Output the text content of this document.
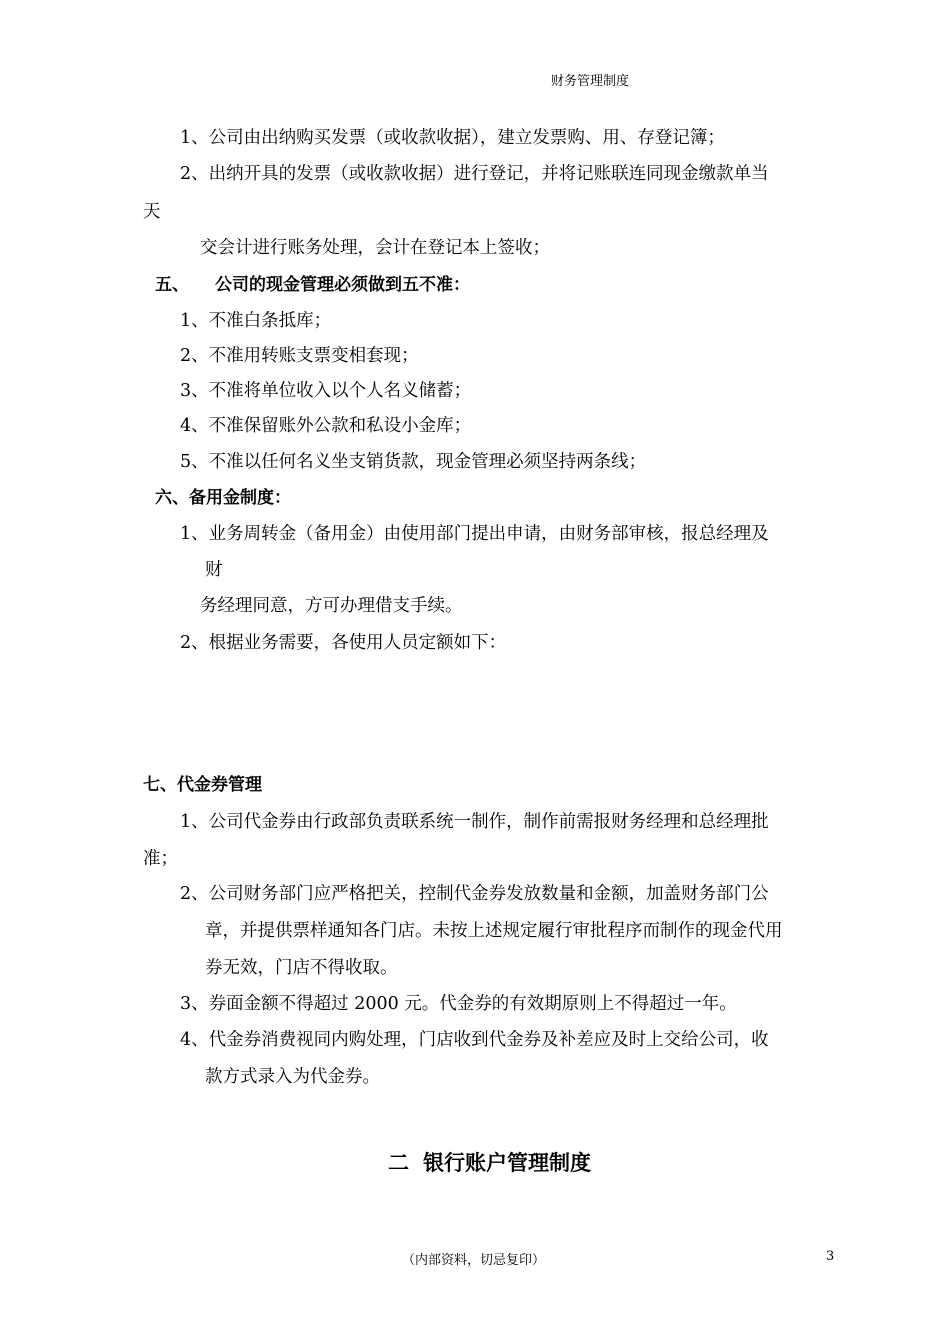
财务管理制度
1、公司由出纳购买发票（或收款收据），建立发票购、用、存登记簿；
2、出纳开具的发票（或收款收据）进行登记，并将记账联连同现金缴款单当
天
交会计进行账务处理，会计在登记本上签收；
五、 公司的现金管理必须做到五不准：
1、不准白条抵库；
2、不准用转账支票变相套现；
3、不准将单位收入以个人名义储蓄；
4、不准保留账外公款和私设小金库；
5、不准以任何名义坐支销货款，现金管理必须坚持两条线；
六、备用金制度：
1、业务周转金（备用金）由使用部门提出申请，由财务部审核，报总经理及
财
务经理同意，方可办理借支手续。
2、根据业务需要，各使用人员定额如下：
七、代金券管理
1、公司代金券由行政部负责联系统一制作，制作前需报财务经理和总经理批
准；
2、公司财务部门应严格把关，控制代金券发放数量和金额，加盖财务部门公
章，并提供票样通知各门店。未按上述规定履行审批程序而制作的现金代用
券无效，门店不得收取。
3、券面金额不得超过 2000 元。代金券的有效期原则上不得超过一年。
4、代金券消费视同内购处理，门店收到代金券及补差应及时上交给公司，收
款方式录入为代金券。
二 银行账户管理制度
（内部资料，切忌复印）	3
